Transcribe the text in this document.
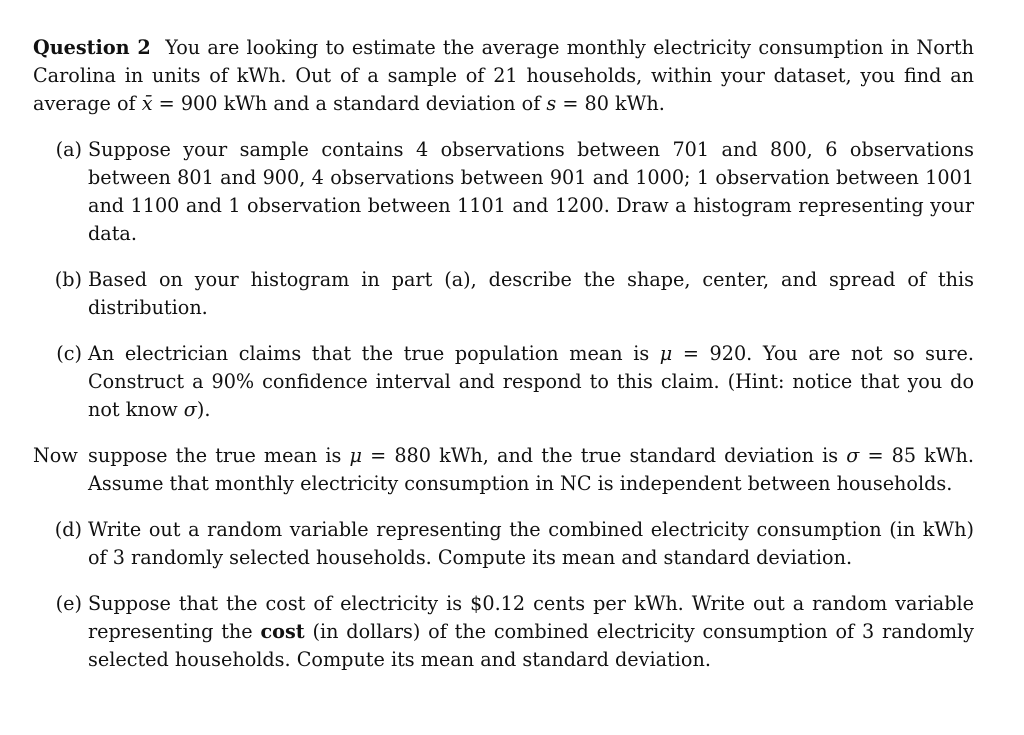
Question 2 You are looking to estimate the average monthly electricity consumption in North Carolina in units of kWh. Out of a sample of 21 households, within your dataset, you find an average of x̄ = 900 kWh and a standard deviation of s = 80 kWh.

(a) Suppose your sample contains 4 observations between 701 and 800, 6 observations between 801 and 900, 4 observations between 901 and 1000; 1 observation between 1001 and 1100 and 1 observation between 1101 and 1200. Draw a histogram representing your data.
(b) Based on your histogram in part (a), describe the shape, center, and spread of this distribution.
(c) An electrician claims that the true population mean is μ = 920. You are not so sure. Construct a 90% confidence interval and respond to this claim. (Hint: notice that you do not know σ).
Now suppose the true mean is μ = 880 kWh, and the true standard deviation is σ = 85 kWh. Assume that monthly electricity consumption in NC is independent between households.
(d) Write out a random variable representing the combined electricity consumption (in kWh) of 3 randomly selected households. Compute its mean and standard deviation.
(e) Suppose that the cost of electricity is $0.12 cents per kWh. Write out a random variable representing the cost (in dollars) of the combined electricity consumption of 3 randomly selected households. Compute its mean and standard deviation.
